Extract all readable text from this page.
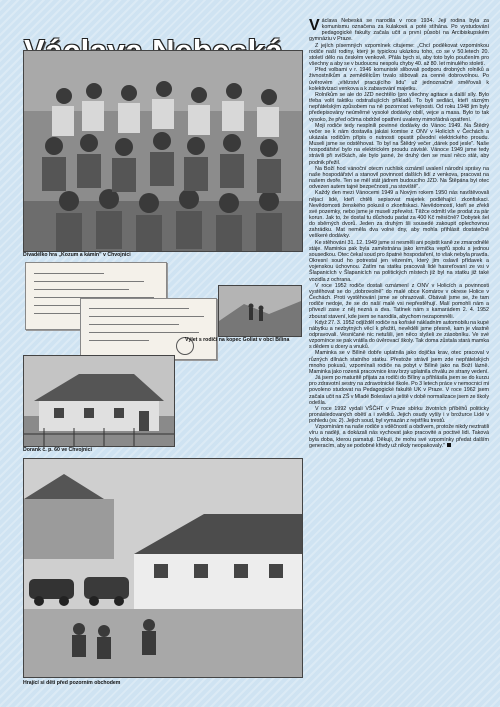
Dívadélko hra „Kozum a kámín" v Chvojnici
Výlet s rodiči na kopec Goliat v obci Bílina
Dorank č. p. 60 ve Chvojnici
Hrající si děti před pozorním obchodem

Václava Nebeská se narodila v roce 1934. Její rodina byla za komunismu označena za kulaková a poté stíhána. Po vystudování pedagogické fakulty začala učit a první působí na Arcibiskupském gymnáziu v Praze.

Z jejích písemných vzpomínek citujeme: „Chcí poděkovat vzpomínkou rodiče naší rodiny, který je typickou ukázkou toho, co se v 50.letech 20. století dělo na českém venkově. Přála bych si, aby toto bylo poučením pro všechny a aby se v budoucnu nespolu chyby 40. až 80. let minulého století.

Před volbami v r. 1946 komunisté slibovali podporu drobných rolníků a živnostníkům a zemědělcům trvalo slibovali za cenné dobrovolnou. Po úvěrovém „vítězství pracujícího lidu" už jednoznačně směřovali k kolektivizaci venkova a k zabavování majetku.

Rolníkům se ale do JZD nechtělo (pro všechny agitace a další síly. Bylo třeba volit taktiku odstrašujících příkladů. To byli sedláci, kteří rázným nepřátelským způsobem na ně pozornost veřejnosti. Od roku 1948 jim byly předepisovány neúměrné vysoké dodávky obilí, vejce a masa. Bylo to tak vysoko, že před očima obdržel opatření uvaleny mimořádná opatření.

Moji rodiče tedy nesplnili povinné dodávky do Vánoc 1949. Na Štědrý večer se k nám dostavila jakási komise z ONV v Holicích v Čechách a ukázala rodičům přípis o nutnosti opustit původní elektrického proudu. Museli jsme se odstěhovat. To byl na Štědrý večer „dárek pod jesle". Naše hospodářství bylo na elektrickém proudu závislé. Vánoce 1949 jsme tedy strávili při svíčkách, ale bylo jasné, že druhý den se musí něco stát, aby podnik přežil.

Na Boží hod vánoční otecm ruchlisk oznámil uvalení národní správy na naše hospodářství a stanovil povinnost dalších lidí z venkova, pracovat na našem dvoře. Ten se měl stát jádrem budoucího JZD. Na Štěpána byl otec odvezen autem tajné bezpečnosti „na stoviště".

Každý den mezi Vánocemi 1949 a Novým rokem 1950 nás navštěvovali nějací lidé, kteří chtěli sepisovat majetek podléhající zkonfiskaci. Nevědomosti ženského pokusil o zkonfiskaci. Nevědomostí, kteří se zřekli své pozemky, nebo jsme je museli zpřevést. Těžce odmítl vše prodat za pár korun. Jak to, že dostal tu důchodu padat za 400 Kč měsíčně? Dobytek šel do sběrných dvorů. Jeden za druhým šli sousedé zakoupit oplechovnou zahrádku. Mat neměla dva volné dny, aby mohla přihlásit dostatečně veškeré dodávky.

Ke stěhování 31. 12. 1949 jsme si nesměli ani pojistit kaně ze zmarodnělé stáje. Maminka pak byla zaměstnána jako krmička vepřů spolu s jednou sousedkou. Otec čekal soud pro špatné hospodaření, to však nebyla pravda. Okresní soud ho potrestal jen vězením, který jim oslavil přídavek a vojenskou úchovnou. Zatím na statku pracovali lidé hasreťovaní ze vsi v Šlapanicích v Šlapanicích na politických místech již byl na statku již také vozidla z ochrana.

V roce 1952 rodiče dostali oznámení z ONV v Holicích a povinnosti vystěhovat se do „dobrovolně" do malé obce Komárov v okrese Holice v Čechách. Proti vystěhování jsme se ohrazovali. Obávali jsme se, že tam rodiče nedoje, že se do naší malé vsi nepřestěhují. Malí pomohli nám a přivezli zase z něj nezná a dva. Tatínek nám s kamarádem 2. 4. 1952 zbourat stavení, kde jsem se narodila, abychom nezapomněli.

Když 27. 3. 1952 odjížděl rodiče na koňské nákladním automobilu na kupé nábytku a nezbytných věcí k přežití, nevěděli jsme přesně, kam je vlastně odpravovali. Vesničané nic netušili, jen něco slyšeli ze zásobníku. Ve své vzpomínce se pak vrátila do úvěrovací školy. Tak doma zůstala stará mamka s dědem u dcery a vnuků.

Maminka se v Bílině dobře uplatnila jako dojička krav, otec pracoval v různých dílnách statního statku. Přestože strávil jsem zde nepřátelských mnoho pokusů, vzpomínali rodiče na pobyt v Bílině jako na Boží lázně. Maminka jako rozená pracovnice krav brzy uplatnila chválu ze strany vedení.

Já jsem po maturitě přijata za rodiči do Bíliny a přihlásila jsem se do kurzu pro zdravotní sestry na zdravotnické škole. Po 3 letech práce v nemocnici mi povoleno studovat na Pedagogické fakultě UK v Praze. V roce 1962 jsem začala učit na ZŠ v Mladé Boleslavi a ještě v době normalizace jsem ze školy odešla.

V roce 1992 vydali VŠČHT v Praze sbírku životních příběhů politicky pronásledovaných obětí a i svědků. Jejich osudy vyšly i v brožurce Lidé v pohledu (sv. 2). Jejich soud, byl vymazán z rejstříku trestů.

Vzpomínám na naše rodiče s vděčností a obdivem, protože nikdy neztratili víru a naději, a dokázali nás vychovat jako pracovité a poctivé lidi. Taková byla doba, kterou pamatuji. Děkuji, že mohu své vzpomínky předat dalším generacím, aby se podobné křivdy už nikdy neopakovaly."
